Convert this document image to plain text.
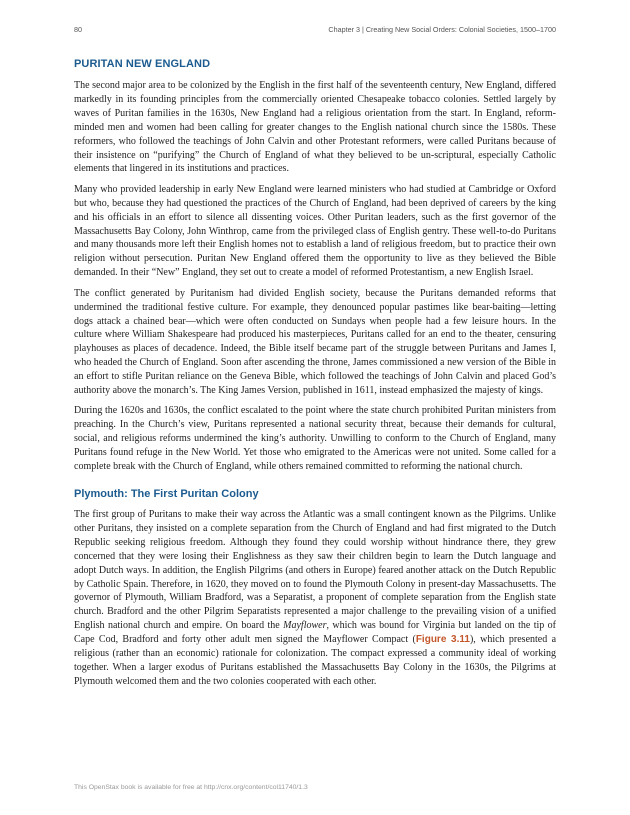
80	Chapter 3 | Creating New Social Orders: Colonial Societies, 1500–1700
PURITAN NEW ENGLAND

The second major area to be colonized by the English in the first half of the seventeenth century, New England, differed markedly in its founding principles from the commercially oriented Chesapeake tobacco colonies. Settled largely by waves of Puritan families in the 1630s, New England had a religious orientation from the start. In England, reform-minded men and women had been calling for greater changes to the English national church since the 1580s. These reformers, who followed the teachings of John Calvin and other Protestant reformers, were called Puritans because of their insistence on “purifying” the Church of England of what they believed to be un-scriptural, especially Catholic elements that lingered in its institutions and practices.

Many who provided leadership in early New England were learned ministers who had studied at Cambridge or Oxford but who, because they had questioned the practices of the Church of England, had been deprived of careers by the king and his officials in an effort to silence all dissenting voices. Other Puritan leaders, such as the first governor of the Massachusetts Bay Colony, John Winthrop, came from the privileged class of English gentry. These well-to-do Puritans and many thousands more left their English homes not to establish a land of religious freedom, but to practice their own religion without persecution. Puritan New England offered them the opportunity to live as they believed the Bible demanded. In their “New” England, they set out to create a model of reformed Protestantism, a new English Israel.

The conflict generated by Puritanism had divided English society, because the Puritans demanded reforms that undermined the traditional festive culture. For example, they denounced popular pastimes like bear-baiting—letting dogs attack a chained bear—which were often conducted on Sundays when people had a few leisure hours. In the culture where William Shakespeare had produced his masterpieces, Puritans called for an end to the theater, censuring playhouses as places of decadence. Indeed, the Bible itself became part of the struggle between Puritans and James I, who headed the Church of England. Soon after ascending the throne, James commissioned a new version of the Bible in an effort to stifle Puritan reliance on the Geneva Bible, which followed the teachings of John Calvin and placed God’s authority above the monarch’s. The King James Version, published in 1611, instead emphasized the majesty of kings.

During the 1620s and 1630s, the conflict escalated to the point where the state church prohibited Puritan ministers from preaching. In the Church’s view, Puritans represented a national security threat, because their demands for cultural, social, and religious reforms undermined the king’s authority. Unwilling to conform to the Church of England, many Puritans found refuge in the New World. Yet those who emigrated to the Americas were not united. Some called for a complete break with the Church of England, while others remained committed to reforming the national church.

Plymouth: The First Puritan Colony

The first group of Puritans to make their way across the Atlantic was a small contingent known as the Pilgrims. Unlike other Puritans, they insisted on a complete separation from the Church of England and had first migrated to the Dutch Republic seeking religious freedom. Although they found they could worship without hindrance there, they grew concerned that they were losing their Englishness as they saw their children begin to learn the Dutch language and adopt Dutch ways. In addition, the English Pilgrims (and others in Europe) feared another attack on the Dutch Republic by Catholic Spain. Therefore, in 1620, they moved on to found the Plymouth Colony in present-day Massachusetts. The governor of Plymouth, William Bradford, was a Separatist, a proponent of complete separation from the English state church. Bradford and the other Pilgrim Separatists represented a major challenge to the prevailing vision of a unified English national church and empire. On board the Mayflower, which was bound for Virginia but landed on the tip of Cape Cod, Bradford and forty other adult men signed the Mayflower Compact (Figure 3.11), which presented a religious (rather than an economic) rationale for colonization. The compact expressed a community ideal of working together. When a larger exodus of Puritans established the Massachusetts Bay Colony in the 1630s, the Pilgrims at Plymouth welcomed them and the two colonies cooperated with each other.

This OpenStax book is available for free at http://cnx.org/content/col11740/1.3
